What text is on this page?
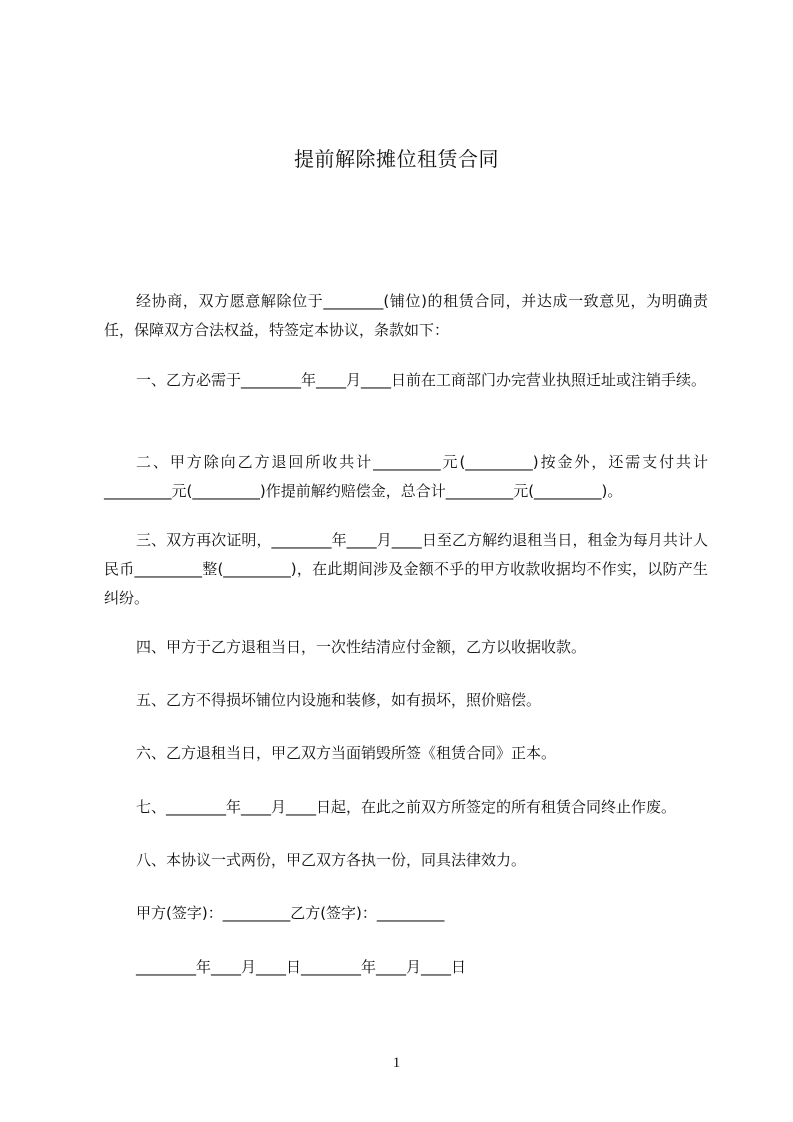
提前解除摊位租赁合同

经协商，双方愿意解除位于________(铺位)的租赁合同，并达成一致意见，为明确责任，保障双方合法权益，特签定本协议，条款如下：

一、乙方必需于________年____月____日前在工商部门办完营业执照迁址或注销手续。

二、甲方除向乙方退回所收共计_________元(_________)按金外，还需支付共计_________元(_________)作提前解约赔偿金，总合计_________元(_________)。

三、双方再次证明，________年____月____日至乙方解约退租当日，租金为每月共计人民币_________整(_________)，在此期间涉及金额不乎的甲方收款收据均不作实，以防产生纠纷。

四、甲方于乙方退租当日，一次性结清应付金额，乙方以收据收款。

五、乙方不得损坏铺位内设施和装修，如有损坏，照价赔偿。

六、乙方退租当日，甲乙双方当面销毁所签《租赁合同》正本。

七、________年____月____日起，在此之前双方所签定的所有租赁合同终止作废。

八、本协议一式两份，甲乙双方各执一份，同具法律效力。

甲方(签字)：_________乙方(签字)：_________

________年____月____日________年____月____日

1
